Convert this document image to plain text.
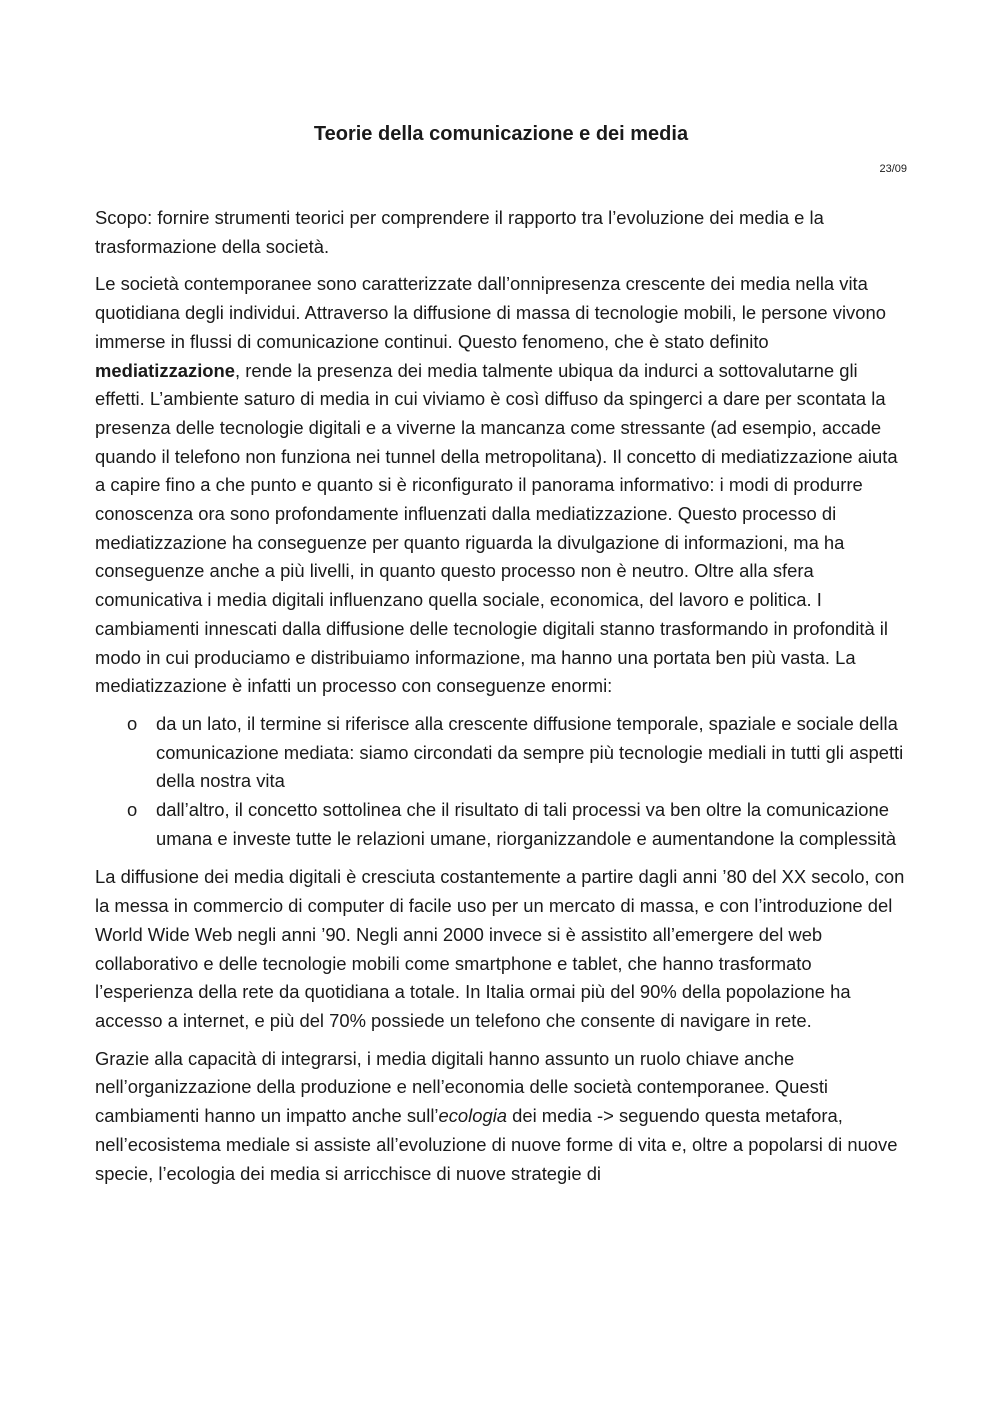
Teorie della comunicazione e dei media

23/09

Scopo: fornire strumenti teorici per comprendere il rapporto tra l’evoluzione dei media e la trasformazione della società.

Le società contemporanee sono caratterizzate dall’onnipresenza crescente dei media nella vita quotidiana degli individui. Attraverso la diffusione di massa di tecnologie mobili, le persone vivono immerse in flussi di comunicazione continui. Questo fenomeno, che è stato definito mediatizzazione, rende la presenza dei media talmente ubiqua da indurci a sottovalutarne gli effetti. L’ambiente saturo di media in cui viviamo è così diffuso da spingerci a dare per scontata la presenza delle tecnologie digitali e a viverne la mancanza come stressante (ad esempio, accade quando il telefono non funziona nei tunnel della metropolitana). Il concetto di mediatizzazione aiuta a capire fino a che punto e quanto si è riconfigurato il panorama informativo: i modi di produrre conoscenza ora sono profondamente influenzati dalla mediatizzazione. Questo processo di mediatizzazione ha conseguenze per quanto riguarda la divulgazione di informazioni, ma ha conseguenze anche a più livelli, in quanto questo processo non è neutro. Oltre alla sfera comunicativa i media digitali influenzano quella sociale, economica, del lavoro e politica. I cambiamenti innescati dalla diffusione delle tecnologie digitali stanno trasformando in profondità il modo in cui produciamo e distribuiamo informazione, ma hanno una portata ben più vasta. La mediatizzazione è infatti un processo con conseguenze enormi:

o da un lato, il termine si riferisce alla crescente diffusione temporale, spaziale e sociale della comunicazione mediata: siamo circondati da sempre più tecnologie mediali in tutti gli aspetti della nostra vita
o dall’altro, il concetto sottolinea che il risultato di tali processi va ben oltre la comunicazione umana e investe tutte le relazioni umane, riorganizzandole e aumentandone la complessità

La diffusione dei media digitali è cresciuta costantemente a partire dagli anni ’80 del XX secolo, con la messa in commercio di computer di facile uso per un mercato di massa, e con l’introduzione del World Wide Web negli anni ’90. Negli anni 2000 invece si è assistito all’emergere del web collaborativo e delle tecnologie mobili come smartphone e tablet, che hanno trasformato l’esperienza della rete da quotidiana a totale. In Italia ormai più del 90% della popolazione ha accesso a internet, e più del 70% possiede un telefono che consente di navigare in rete.

Grazie alla capacità di integrarsi, i media digitali hanno assunto un ruolo chiave anche nell’organizzazione della produzione e nell’economia delle società contemporanee. Questi cambiamenti hanno un impatto anche sull’ecologia dei media -> seguendo questa metafora, nell’ecosistema mediale si assiste all’evoluzione di nuove forme di vita e, oltre a popolarsi di nuove specie, l’ecologia dei media si arricchisce di nuove strategie di
